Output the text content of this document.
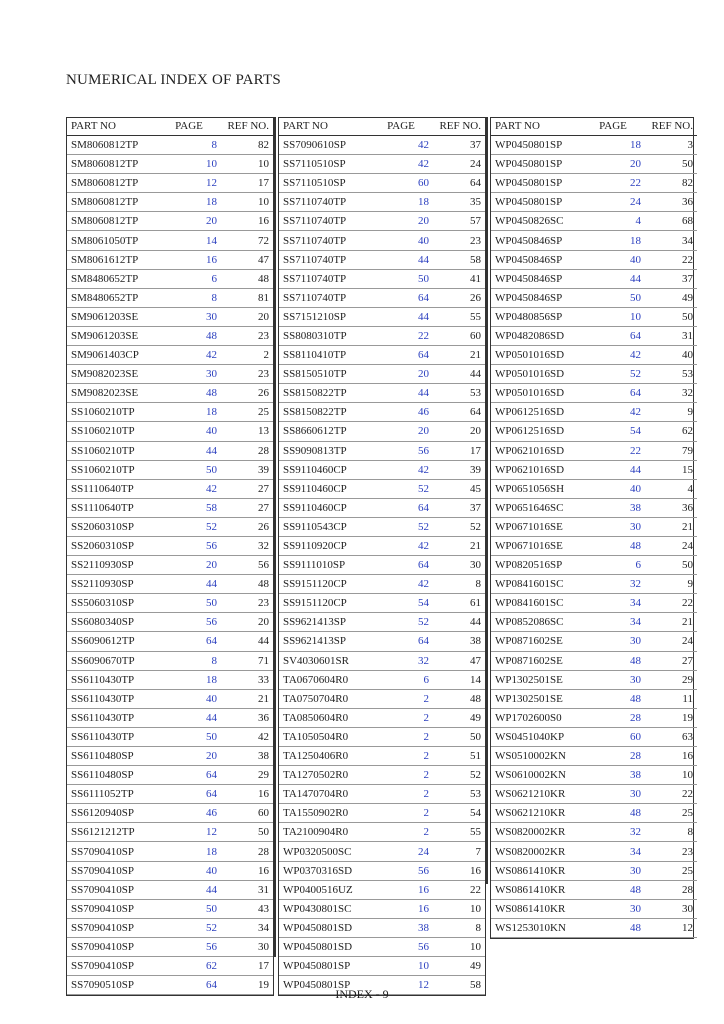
NUMERICAL INDEX OF PARTS
PART NO	PAGE	REF NO.
SM8060812TP	8	82
SM8060812TP	10	10
SM8060812TP	12	17
SM8060812TP	18	10
SM8060812TP	20	16
SM8061050TP	14	72
SM8061612TP	16	47
SM8480652TP	6	48
SM8480652TP	8	81
SM9061203SE	30	20
SM9061203SE	48	23
SM9061403CP	42	2
SM9082023SE	30	23
SM9082023SE	48	26
SS1060210TP	18	25
SS1060210TP	40	13
SS1060210TP	44	28
SS1060210TP	50	39
SS1110640TP	42	27
SS1110640TP	58	27
SS2060310SP	52	26
SS2060310SP	56	32
SS2110930SP	20	56
SS2110930SP	44	48
SS5060310SP	50	23
SS6080340SP	56	20
SS6090612TP	64	44
SS6090670TP	8	71
SS6110430TP	18	33
SS6110430TP	40	21
SS6110430TP	44	36
SS6110430TP	50	42
SS6110480SP	20	38
SS6110480SP	64	29
SS6111052TP	64	16
SS6120940SP	46	60
SS6121212TP	12	50
SS7090410SP	18	28
SS7090410SP	40	16
SS7090410SP	44	31
SS7090410SP	50	43
SS7090410SP	52	34
SS7090410SP	56	30
SS7090410SP	62	17
SS7090510SP	64	19
PART NO	PAGE	REF NO.
SS7090610SP	42	37
SS7110510SP	42	24
SS7110510SP	60	64
SS7110740TP	18	35
SS7110740TP	20	57
SS7110740TP	40	23
SS7110740TP	44	58
SS7110740TP	50	41
SS7110740TP	64	26
SS7151210SP	44	55
SS8080310TP	22	60
SS8110410TP	64	21
SS8150510TP	20	44
SS8150822TP	44	53
SS8150822TP	46	64
SS8660612TP	20	20
SS9090813TP	56	17
SS9110460CP	42	39
SS9110460CP	52	45
SS9110460CP	64	37
SS9110543CP	52	52
SS9110920CP	42	21
SS9111010SP	64	30
SS9151120CP	42	8
SS9151120CP	54	61
SS9621413SP	52	44
SS9621413SP	64	38
SV4030601SR	32	47
TA0670604R0	6	14
TA0750704R0	2	48
TA0850604R0	2	49
TA1050504R0	2	50
TA1250406R0	2	51
TA1270502R0	2	52
TA1470704R0	2	53
TA1550902R0	2	54
TA2100904R0	2	55
WP0320500SC	24	7
WP0370316SD	56	16
WP0400516UZ	16	22
WP0430801SC	16	10
WP0450801SD	38	8
WP0450801SD	56	10
WP0450801SP	10	49
WP0450801SP	12	58
PART NO	PAGE	REF NO.
WP0450801SP	18	3
WP0450801SP	20	50
WP0450801SP	22	82
WP0450801SP	24	36
WP0450826SC	4	68
WP0450846SP	18	34
WP0450846SP	40	22
WP0450846SP	44	37
WP0450846SP	50	49
WP0480856SP	10	50
WP0482086SD	64	31
WP0501016SD	42	40
WP0501016SD	52	53
WP0501016SD	64	32
WP0612516SD	42	9
WP0612516SD	54	62
WP0621016SD	22	79
WP0621016SD	44	15
WP0651056SH	40	4
WP0651646SC	38	36
WP0671016SE	30	21
WP0671016SE	48	24
WP0820516SP	6	50
WP0841601SC	32	9
WP0841601SC	34	22
WP0852086SC	34	21
WP0871602SE	30	24
WP0871602SE	48	27
WP1302501SE	30	29
WP1302501SE	48	11
WP1702600S0	28	19
WS0451040KP	60	63
WS0510002KN	28	16
WS0610002KN	38	10
WS0621210KR	30	22
WS0621210KR	48	25
WS0820002KR	32	8
WS0820002KR	34	23
WS0861410KR	30	25
WS0861410KR	48	28
WS0861410KR	30	30
WS1253010KN	48	12
INDEX - 9
